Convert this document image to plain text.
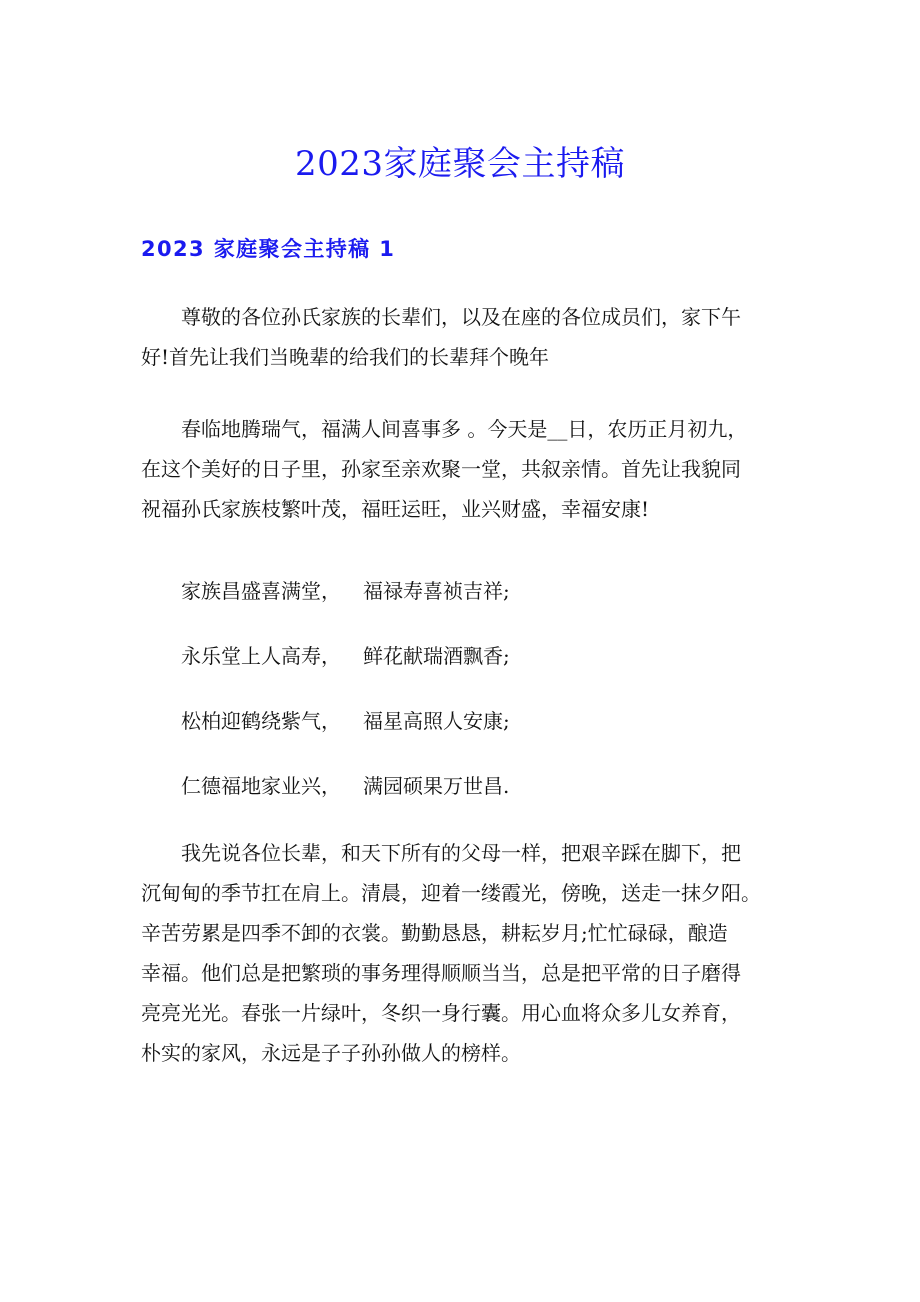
2023家庭聚会主持稿
2023 家庭聚会主持稿 1
尊敬的各位孙氏家族的长辈们，以及在座的各位成员们，家下午
好!首先让我们当晚辈的给我们的长辈拜个晚年
春临地腾瑞气，福满人间喜事多 。今天是__日，农历正月初九，
在这个美好的日子里，孙家至亲欢聚一堂，共叙亲情。首先让我貌同
祝福孙氏家族枝繁叶茂，福旺运旺，业兴财盛，幸福安康!
家族昌盛喜满堂， 福禄寿喜祯吉祥;
永乐堂上人高寿， 鲜花献瑞酒飘香;
松柏迎鹤绕紫气， 福星高照人安康;
仁德福地家业兴， 满园硕果万世昌.
我先说各位长辈，和天下所有的父母一样，把艰辛踩在脚下，把
沉甸甸的季节扛在肩上。清晨，迎着一缕霞光，傍晚，送走一抹夕阳。
辛苦劳累是四季不卸的衣裳。勤勤恳恳，耕耘岁月;忙忙碌碌，酿造
幸福。他们总是把繁琐的事务理得顺顺当当，总是把平常的日子磨得
亮亮光光。春张一片绿叶，冬织一身行囊。用心血将众多儿女养育，
朴实的家风，永远是子子孙孙做人的榜样。
